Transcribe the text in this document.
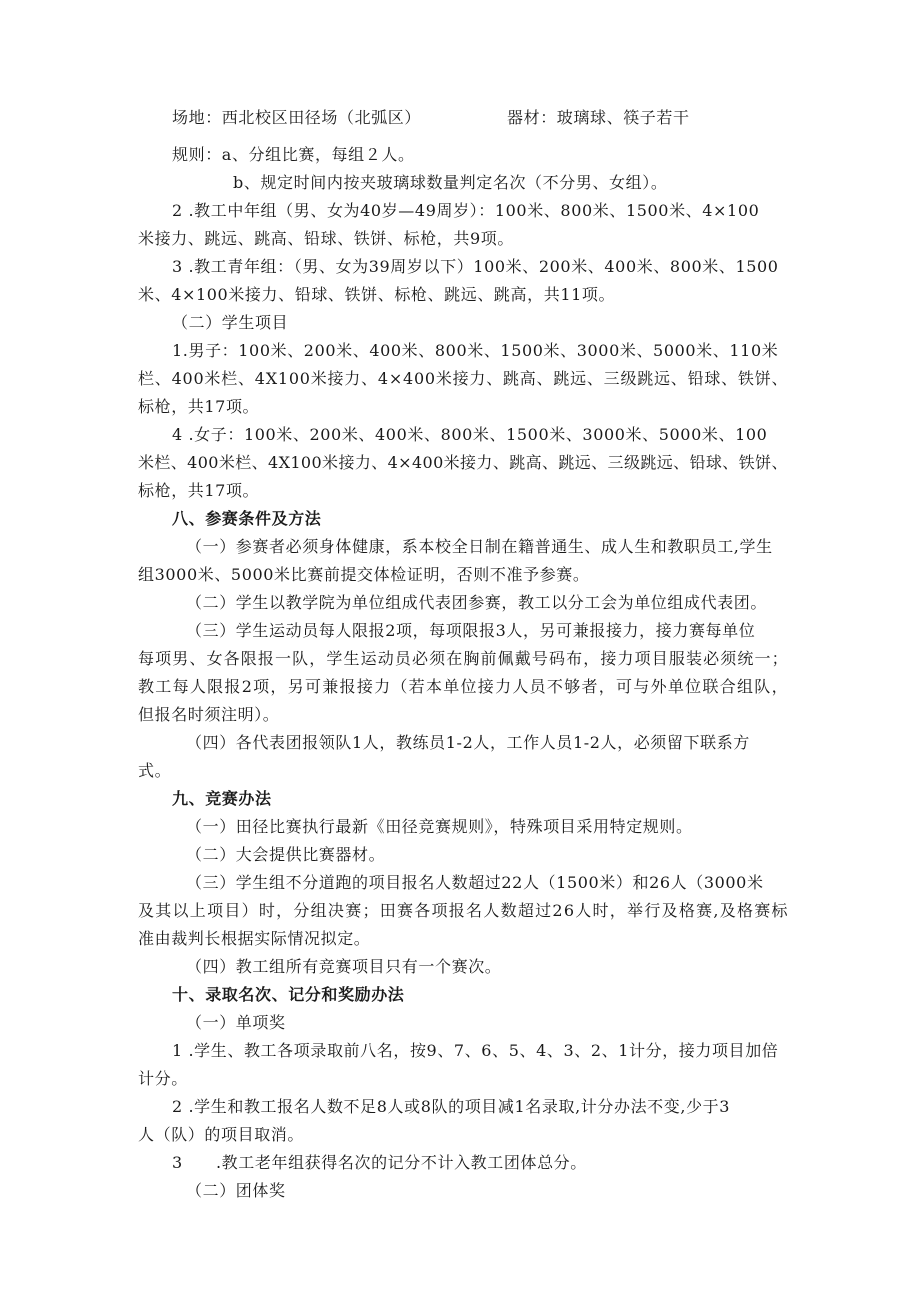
场地：西北校区田径场（北弧区）	器材：玻璃球、筷子若干
规则：a、分组比赛，每组２人。
b、规定时间内按夹玻璃球数量判定名次（不分男、女组）。
2 .教工中年组（男、女为40岁—49周岁）：100米、800米、1500米、4×100
米接力、跳远、跳高、铅球、铁饼、标枪，共9项。
3 .教工青年组：（男、女为39周岁以下）100米、200米、400米、800米、1500
米、4×100米接力、铅球、铁饼、标枪、跳远、跳高，共11项。
（二）学生项目
1.男子：100米、200米、400米、800米、1500米、3000米、5000米、110米
栏 、 4 0 0 米 栏 、 4 X 1 0 0 米 接 力 、 4 × 4 0 0 米 接 力 、 跳 高 、 跳 远 、 三 级 跳 远 、 铅 球 、 铁 饼 、
标枪，共17项。
4 .女子：100米、200米、400米、800米、1500米、3000米、5000米、100
米 栏 、 4 0 0 米 栏 、 4 X 1 0 0 米 接 力 、 4 × 4 0 0 米 接 力 、 跳 高 、 跳 远 、 三 级 跳 远 、 铅 球 、 铁 饼 、
标枪，共17项。
八、参赛条件及方法
（一）参赛者必须身体健康，系本校全日制在籍普通生、成人生和教职员工,学生
组3000米、5000米比赛前提交体检证明，否则不准予参赛。
（二）学生以教学院为单位组成代表团参赛，教工以分工会为单位组成代表团。
（三）学生运动员每人限报2项，每项限报3人，另可兼报接力，接力赛每单位
每 项 男 、 女 各 限 报 一 队 ， 学 生 运 动 员 必 须 在 胸 前 佩 戴 号 码 布 ， 接 力 项 目 服 装 必 须 统 一 ；
教 工 每 人 限 报 2 项 ， 另 可 兼 报 接 力 （ 若 本 单 位 接 力 人 员 不 够 者 ， 可 与 外 单 位 联 合 组 队 ，
但报名时须注明）。
（四）各代表团报领队1人，教练员1-2人，工作人员1-2人，必须留下联系方
式。
九、竞赛办法
（一）田径比赛执行最新《田径竞赛规则》，特殊项目采用特定规则。
（二）大会提供比赛器材。
（三）学生组不分道跑的项目报名人数超过22人（1500米）和26人（3000米
及 其 以 上 项 目 ） 时 ， 分 组 决 赛 ； 田 赛 各 项 报 名 人 数 超 过 2 6 人 时 ， 举 行 及 格 赛 , 及 格 赛 标
准由裁判长根据实际情况拟定。
（四）教工组所有竞赛项目只有一个赛次。
十、录取名次、记分和奖励办法
（一）单项奖
1 .学生、教工各项录取前八名，按9、7、6、5、4、3、2、1计分，接力项目加倍
计分。
2 .学生和教工报名人数不足8人或8队的项目减1名录取,计分办法不变,少于3
人（队）的项目取消。
3　　.教工老年组获得名次的记分不计入教工团体总分。
（二）团体奖
